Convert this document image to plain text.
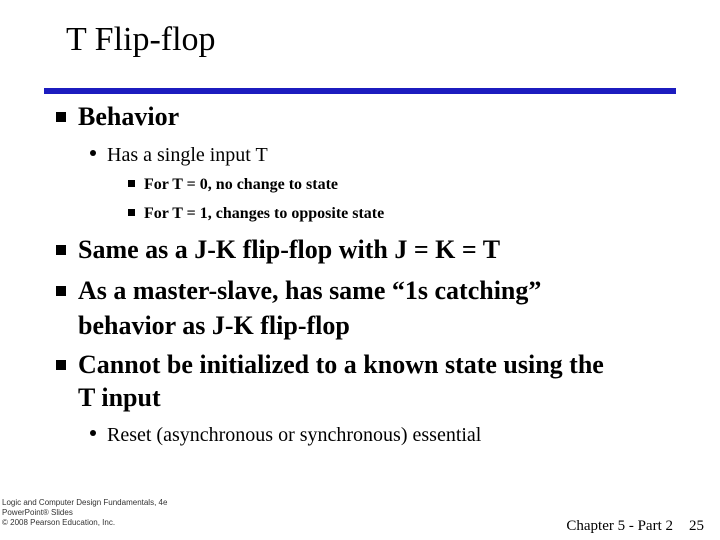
T Flip-flop
Behavior
Has a single input T
For T = 0, no change to state
For T = 1, changes to opposite state
Same as a J-K flip-flop with J = K = T
As a master-slave, has same “1s catching”
behavior as J-K flip-flop
Cannot be initialized to a known state using the
T input
Reset (asynchronous or synchronous) essential
Logic and Computer Design Fundamentals, 4e
PowerPoint® Slides
© 2008 Pearson Education, Inc.	Chapter 5 - Part 2 25
